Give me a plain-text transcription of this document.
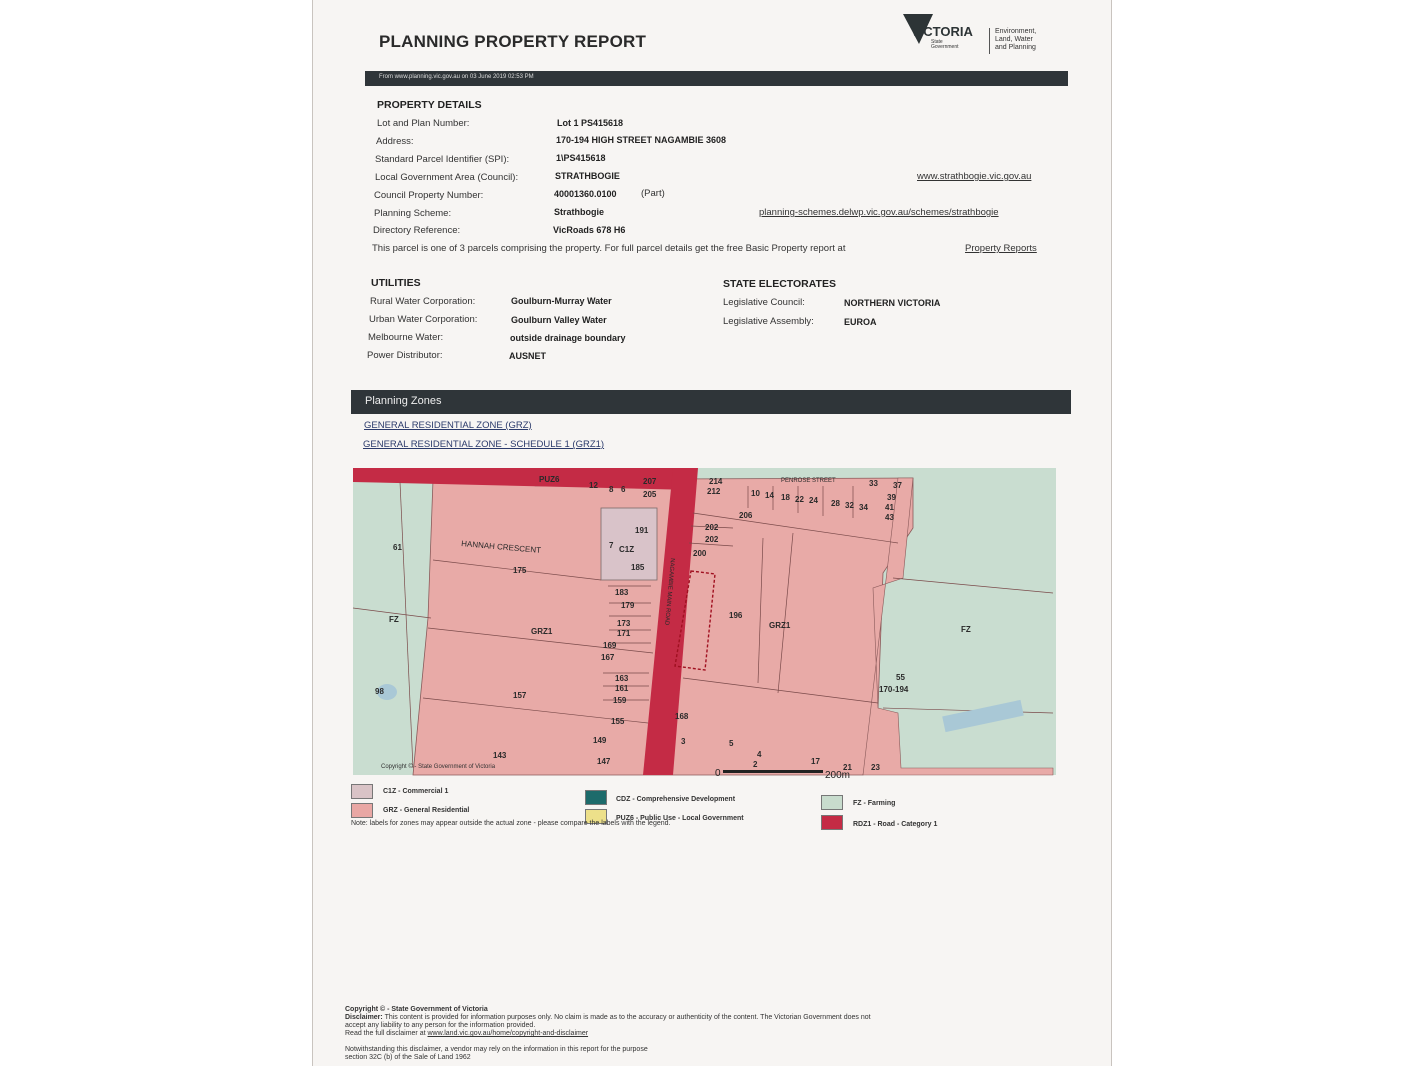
PLANNING PROPERTY REPORT
VICTORIA
State Government
Environment,
Land, Water
and Planning
From www.planning.vic.gov.au on 03 June 2019 02:53 PM
PROPERTY DETAILS
Lot and Plan Number:	Lot 1 PS415618
Address:	170-194 HIGH STREET NAGAMBIE 3608
Standard Parcel Identifier (SPI):	1\PS415618
Local Government Area (Council):	STRATHBOGIE	www.strathbogie.vic.gov.au
Council Property Number:	40001360.0100	(Part)
Planning Scheme:	Strathbogie	planning-schemes.delwp.vic.gov.au/schemes/strathbogie
Directory Reference:	VicRoads 678 H6
This parcel is one of 3 parcels comprising the property. For full parcel details get the free Basic Property report at	Property Reports
UTILITIES
Rural Water Corporation:	Goulburn-Murray Water
Urban Water Corporation:	Goulburn Valley Water
Melbourne Water:	outside drainage boundary
Power Distributor:	AUSNET
STATE ELECTORATES
Legislative Council:	NORTHERN VICTORIA
Legislative Assembly:	EUROA
Planning Zones
GENERAL RESIDENTIAL ZONE (GRZ)
GENERAL RESIDENTIAL ZONE - SCHEDULE 1 (GRZ1)
PUZ6
61	HANNAH CRESCENT
175
191
7 C1Z
185
183
179
173
171
169
167
163
161
159
155
149
147
GRZ1
FZ
98	157
143
NAGAMBIE MAIN ROAD
200
202
202
206
196
GRZ1	FZ
55
170-194
168
3	5
4
2	17
21 23
214
212
PENROSE STREET
12 8 6
207
205	10 14 18 22 24 28 32 34
33 37
39
41
43
0	200m
Copyright © - State Government of Victoria
C1Z - Commercial 1
GRZ - General Residential
CDZ - Comprehensive Development
PUZ6 - Public Use - Local Government
FZ - Farming
RDZ1 - Road - Category 1
Note: labels for zones may appear outside the actual zone - please compare the labels with the legend.
Copyright © - State Government of Victoria
Disclaimer: This content is provided for information purposes only. No claim is made as to the accuracy or authenticity of the content. The Victorian Government does not
accept any liability to any person for the information provided.
Read the full disclaimer at www.land.vic.gov.au/home/copyright-and-disclaimer
Notwithstanding this disclaimer, a vendor may rely on the information in this report for the purpose
section 32C (b) of the Sale of Land 1962
